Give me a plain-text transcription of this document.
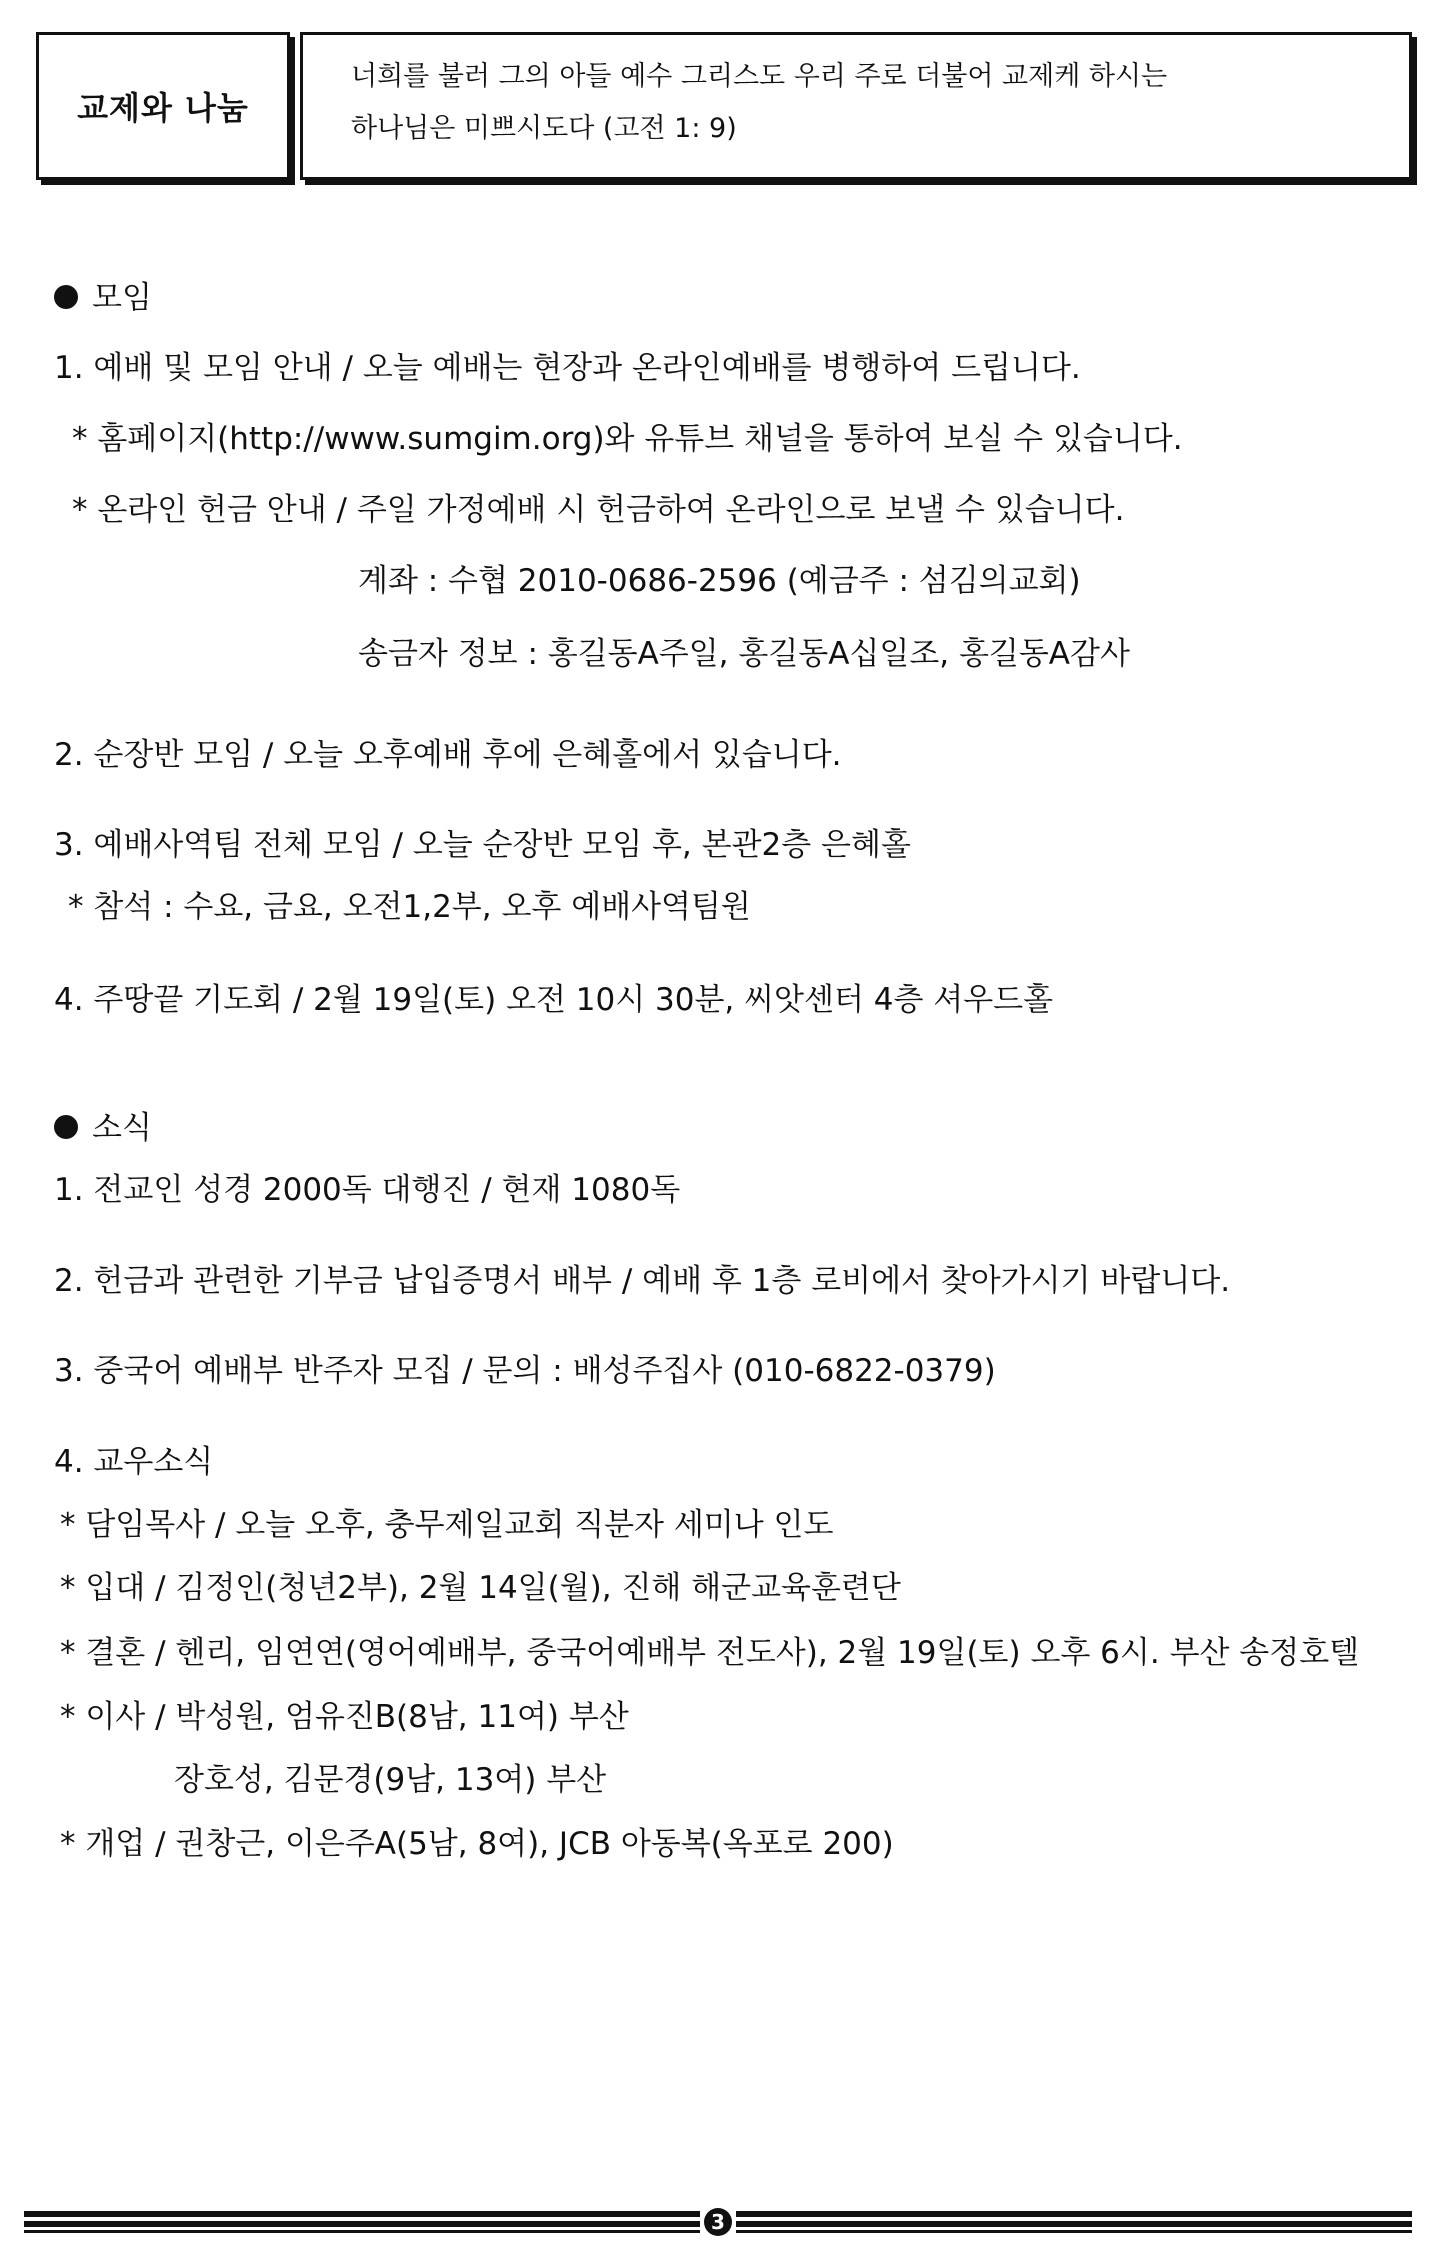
교제와 나눔
너희를 불러 그의 아들 예수 그리스도 우리 주로 더불어 교제케 하시는
하나님은 미쁘시도다 (고전 1: 9)
모임
1. 예배 및 모임 안내 / 오늘 예배는 현장과 온라인예배를 병행하여 드립니다.
* 홈페이지(http://www.sumgim.org)와 유튜브 채널을 통하여 보실 수 있습니다.
* 온라인 헌금 안내 / 주일 가정예배 시 헌금하여 온라인으로 보낼 수 있습니다.
계좌 : 수협 2010-0686-2596 (예금주 : 섬김의교회)
송금자 정보 : 홍길동A주일, 홍길동A십일조, 홍길동A감사
2. 순장반 모임 / 오늘 오후예배 후에 은혜홀에서 있습니다.
3. 예배사역팀 전체 모임 / 오늘 순장반 모임 후, 본관2층 은혜홀
* 참석 : 수요, 금요, 오전1,2부, 오후 예배사역팀원
4. 주땅끝 기도회 / 2월 19일(토) 오전 10시 30분, 씨앗센터 4층 셔우드홀
소식
1. 전교인 성경 2000독 대행진 / 현재 1080독
2. 헌금과 관련한 기부금 납입증명서 배부 / 예배 후 1층 로비에서 찾아가시기 바랍니다.
3. 중국어 예배부 반주자 모집 / 문의 : 배성주집사 (010-6822-0379)
4. 교우소식
* 담임목사 / 오늘 오후, 충무제일교회 직분자 세미나 인도
* 입대 / 김정인(청년2부), 2월 14일(월), 진해 해군교육훈련단
* 결혼 / 헨리, 임연연(영어예배부, 중국어예배부 전도사), 2월 19일(토) 오후 6시. 부산 송정호텔
* 이사 / 박성원, 엄유진B(8남, 11여) 부산
장호성, 김문경(9남, 13여) 부산
* 개업 / 권창근, 이은주A(5남, 8여), JCB 아동복(옥포로 200)
3
